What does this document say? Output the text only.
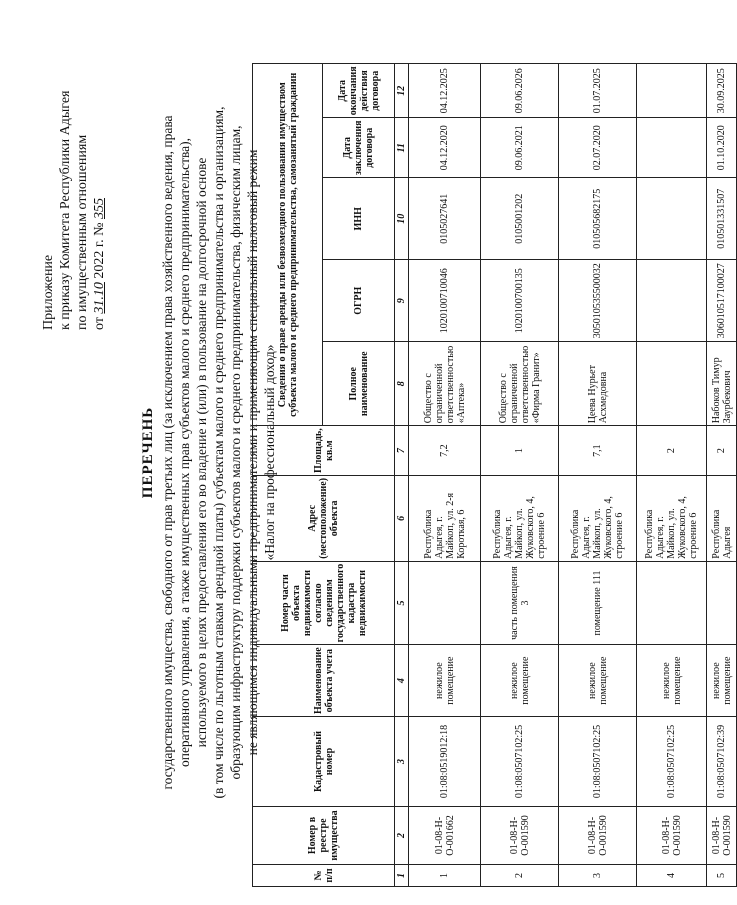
Приложение к приказу Комитета Республики Адыгея по имущественным отношениям от 31.10 2022 г. № 355
ПЕРЕЧЕНЬ государственного имущества, свободного от прав третьих лиц (за исключением права хозяйственного ведения, права оперативного управления, а также имущественных прав субъектов малого и среднего предпринимательства), используемого в целях предоставления его во владение и (или) в пользование на долгосрочной основе (в том числе по льготным ставкам арендной платы) субъектам малого и среднего предпринимательства и организациям, образующим инфраструктуру поддержки субъектов малого и среднего предпринимательства, физическим лицам, не являющимся индивидуальными предпринимателями и применяющим специальный налоговый режим «Налог на профессиональный доход»
№ п/п	Номер в реестре имущества	Кадастровый номер	Наименование объекта учета	Номер части объекта недвижимости согласно сведениям государственного кадастра недвижимости	Адрес (местоположение) объекта	Площадь, кв.м	Сведения о праве аренды или безвозмездного пользования имуществом субъекта малого и среднего предпринимательства, самозанятый гражданин				
							Полное наименование	ОГРН	ИНН	Дата заключения договора	Дата окончания действия договора
1	2	3	4	5	6	7	8	9	10	11	12
1	01-08-Н-О-001662	01:08:0519012:18	нежилое помещение		Республика Адыгея, г. Майкоп, ул. 2-я Короткая, 6	7,2	Общество с ограниченной ответственностью «Аптека»	1020100710046	0105027641	04.12.2020	04.12.2025
2	01-08-Н-О-001590	01:08:0507102:25	нежилое помещение	часть помещения 3	Республика Адыгея, г. Майкоп, ул. Жуковского, 4, строение 6	1	Общество с ограниченной ответственностью «Фирма Гранит»	1020100700135	0105001202	09.06.2021	09.06.2026
3	01-08-Н-О-001590	01:08:0507102:25	нежилое помещение	помещение 111	Республика Адыгея, г. Майкоп, ул. Жуковского, 4, строение 6	7,1	Цеева Нурьет Асхмедовна	305010535500032	010505682175	02.07.2020	01.07.2025
4	01-08-Н-О-001590	01:08:0507102:25	нежилое помещение		Республика Адыгея, г. Майкоп, ул. Жуковского, 4, строение 6	2					
5	01-08-Н-О-001590	01:08:0507102:39	нежилое помещение		Республика Адыгея	2	Набоков Тимур Заурбекович	306010517100027	010501331507	01.10.2020	30.09.2025
